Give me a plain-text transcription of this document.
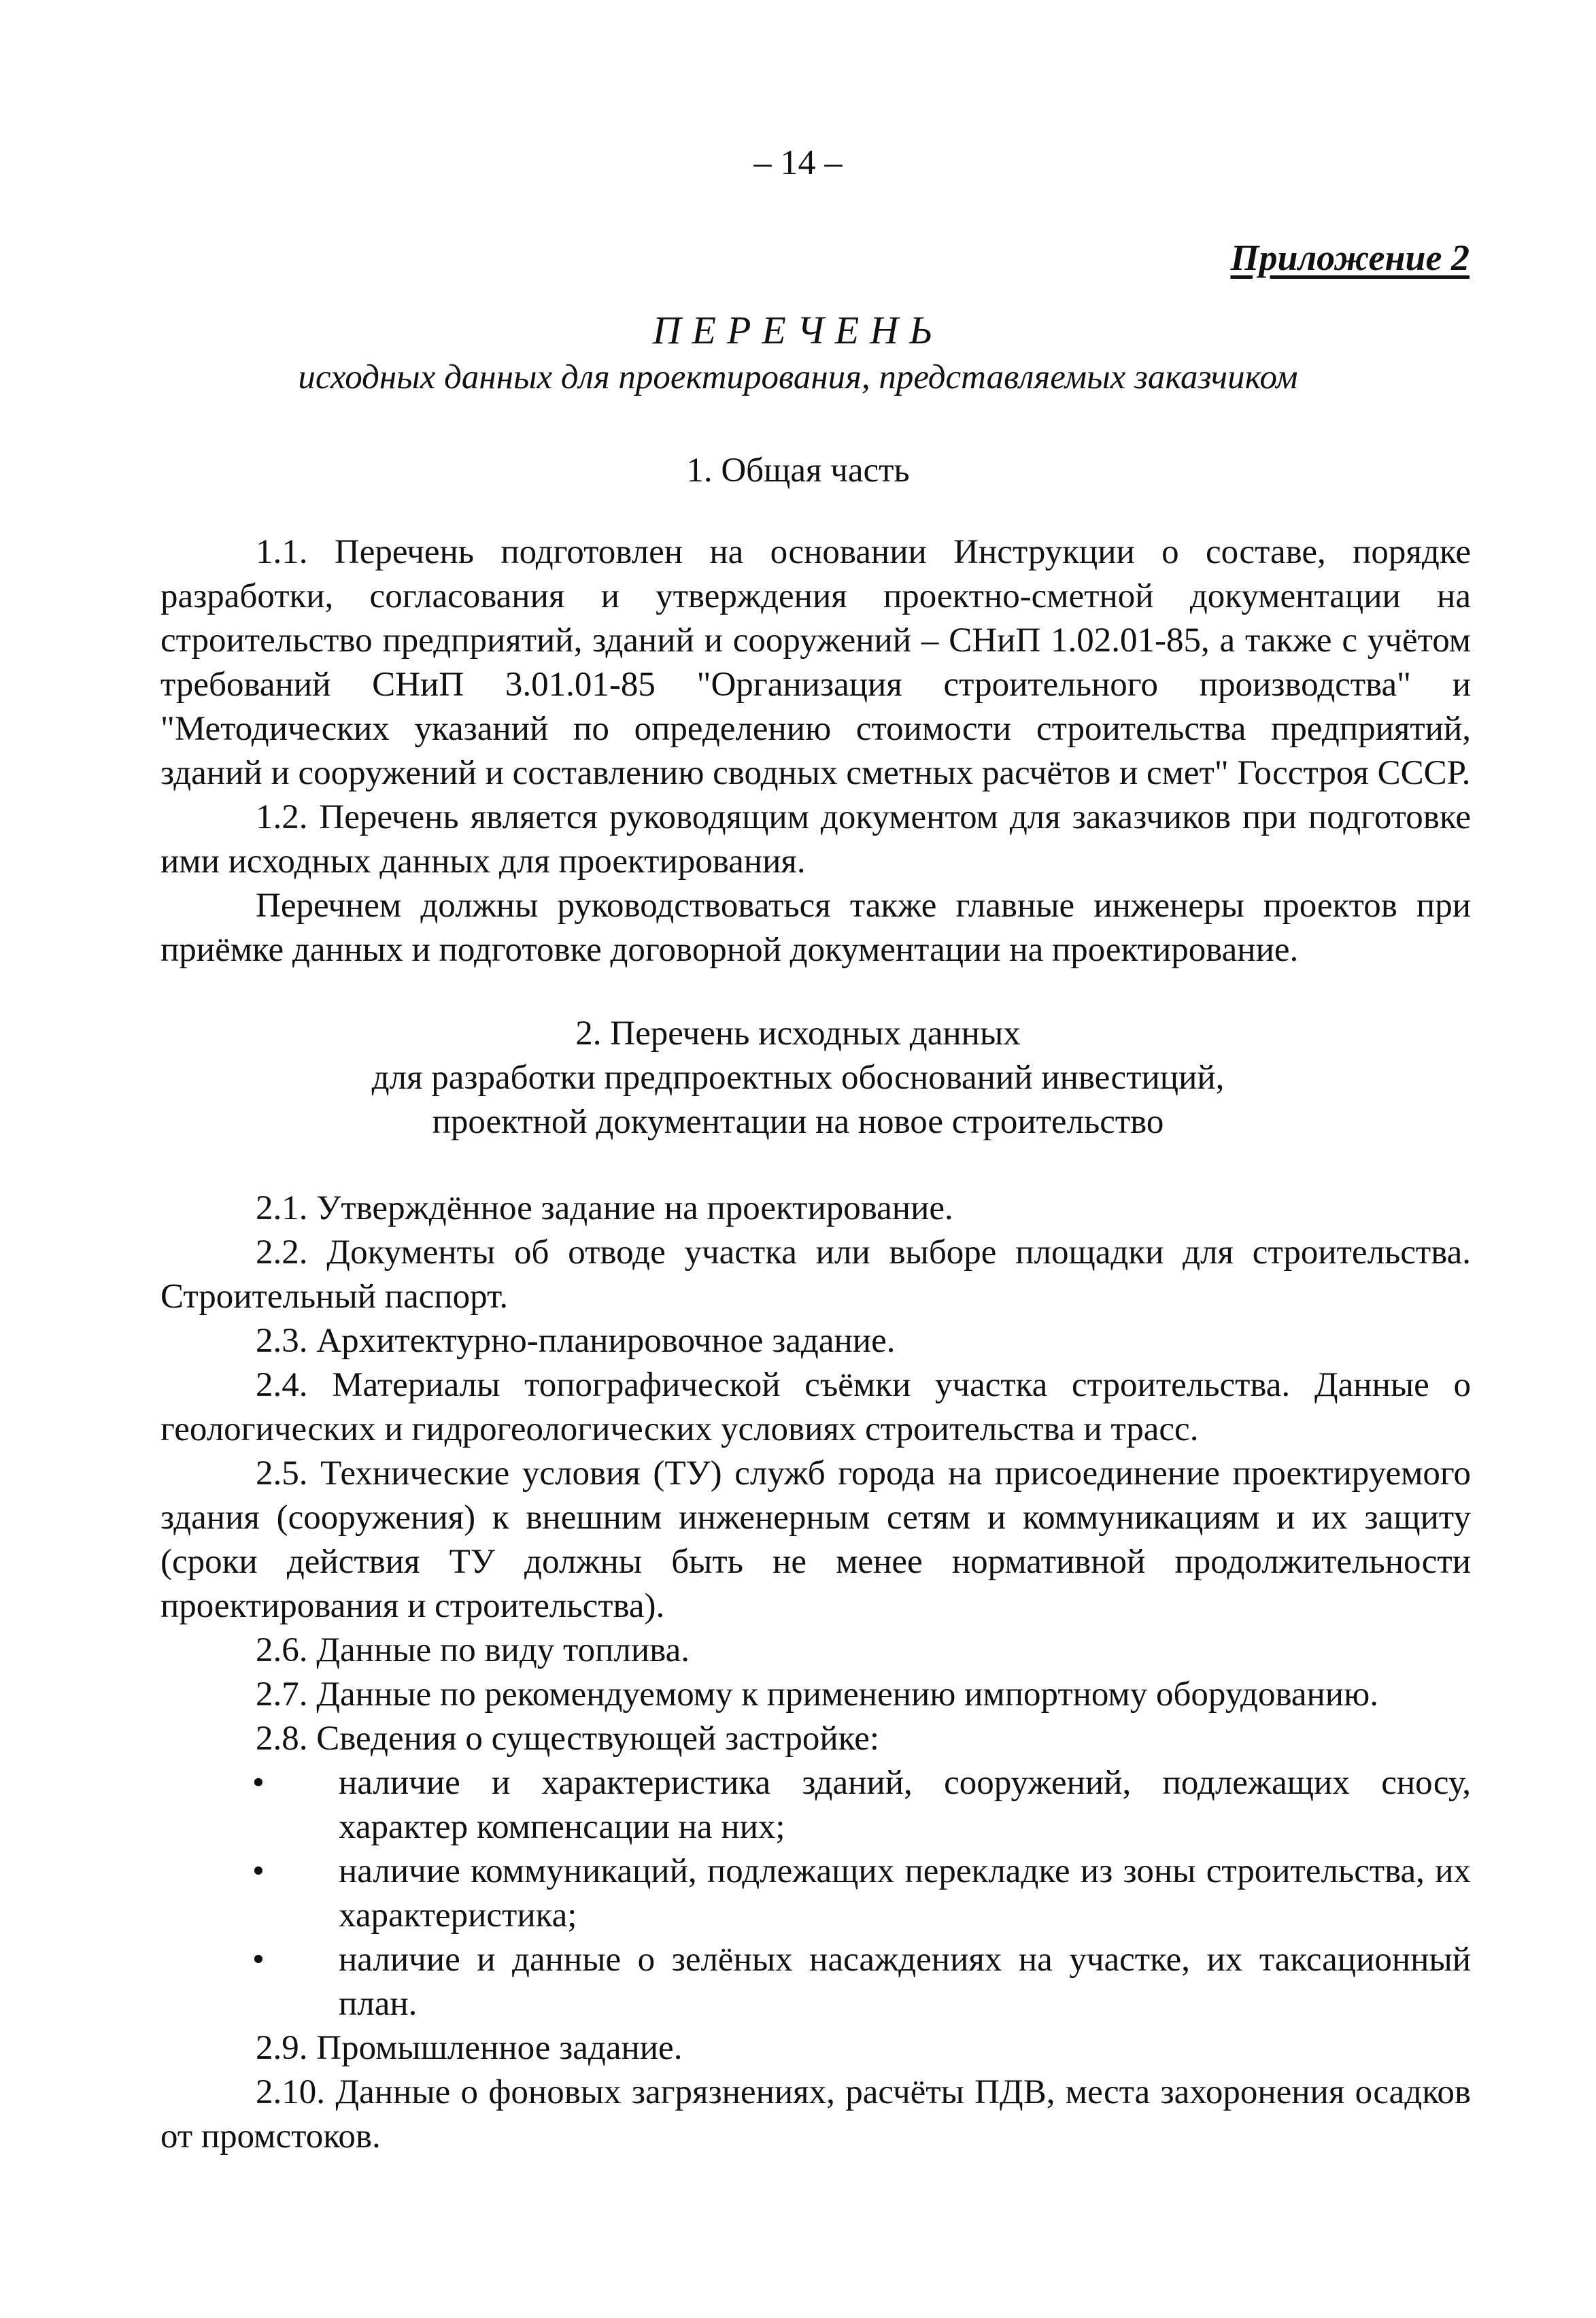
– 14 –
Приложение 2
ПЕРЕЧЕНЬ
исходных данных для проектирования, представляемых заказчиком
1. Общая часть

1.1. Перечень подготовлен на основании Инструкции о составе, порядке разработки, согласования и утверждения проектно-сметной документации на строительство предприятий, зданий и сооружений – СНиП 1.02.01-85, а также с учётом требований СНиП 3.01.01-85 "Организация строительного производства" и "Методических указаний по определению стоимости строительства предприятий, зданий и сооружений и составлению сводных сметных расчётов и смет" Госстроя СССР.

1.2. Перечень является руководящим документом для заказчиков при подготовке ими исходных данных для проектирования.

Перечнем должны руководствоваться также главные инженеры проектов при приёмке данных и подготовке договорной документации на проектирование.

2. Перечень исходных данных
для разработки предпроектных обоснований инвестиций,
проектной документации на новое строительство

2.1. Утверждённое задание на проектирование.

2.2. Документы об отводе участка или выборе площадки для строительства. Строительный паспорт.

2.3. Архитектурно-планировочное задание.

2.4. Материалы топографической съёмки участка строительства. Данные о геологических и гидрогеологических условиях строительства и трасс.

2.5. Технические условия (ТУ) служб города на присоединение проектируемого здания (сооружения) к внешним инженерным сетям и коммуникациям и их защиту (сроки действия ТУ должны быть не менее нормативной продолжительности проектирования и строительства).

2.6. Данные по виду топлива.

2.7. Данные по рекомендуемому к применению импортному оборудованию.

2.8. Сведения о существующей застройке:

• наличие и характеристика зданий, сооружений, подлежащих сносу, характер компенсации на них;
• наличие коммуникаций, подлежащих перекладке из зоны строительства, их характеристика;
• наличие и данные о зелёных насаждениях на участке, их таксационный план.

2.9. Промышленное задание.

2.10. Данные о фоновых загрязнениях, расчёты ПДВ, места захоронения осадков от промстоков.
